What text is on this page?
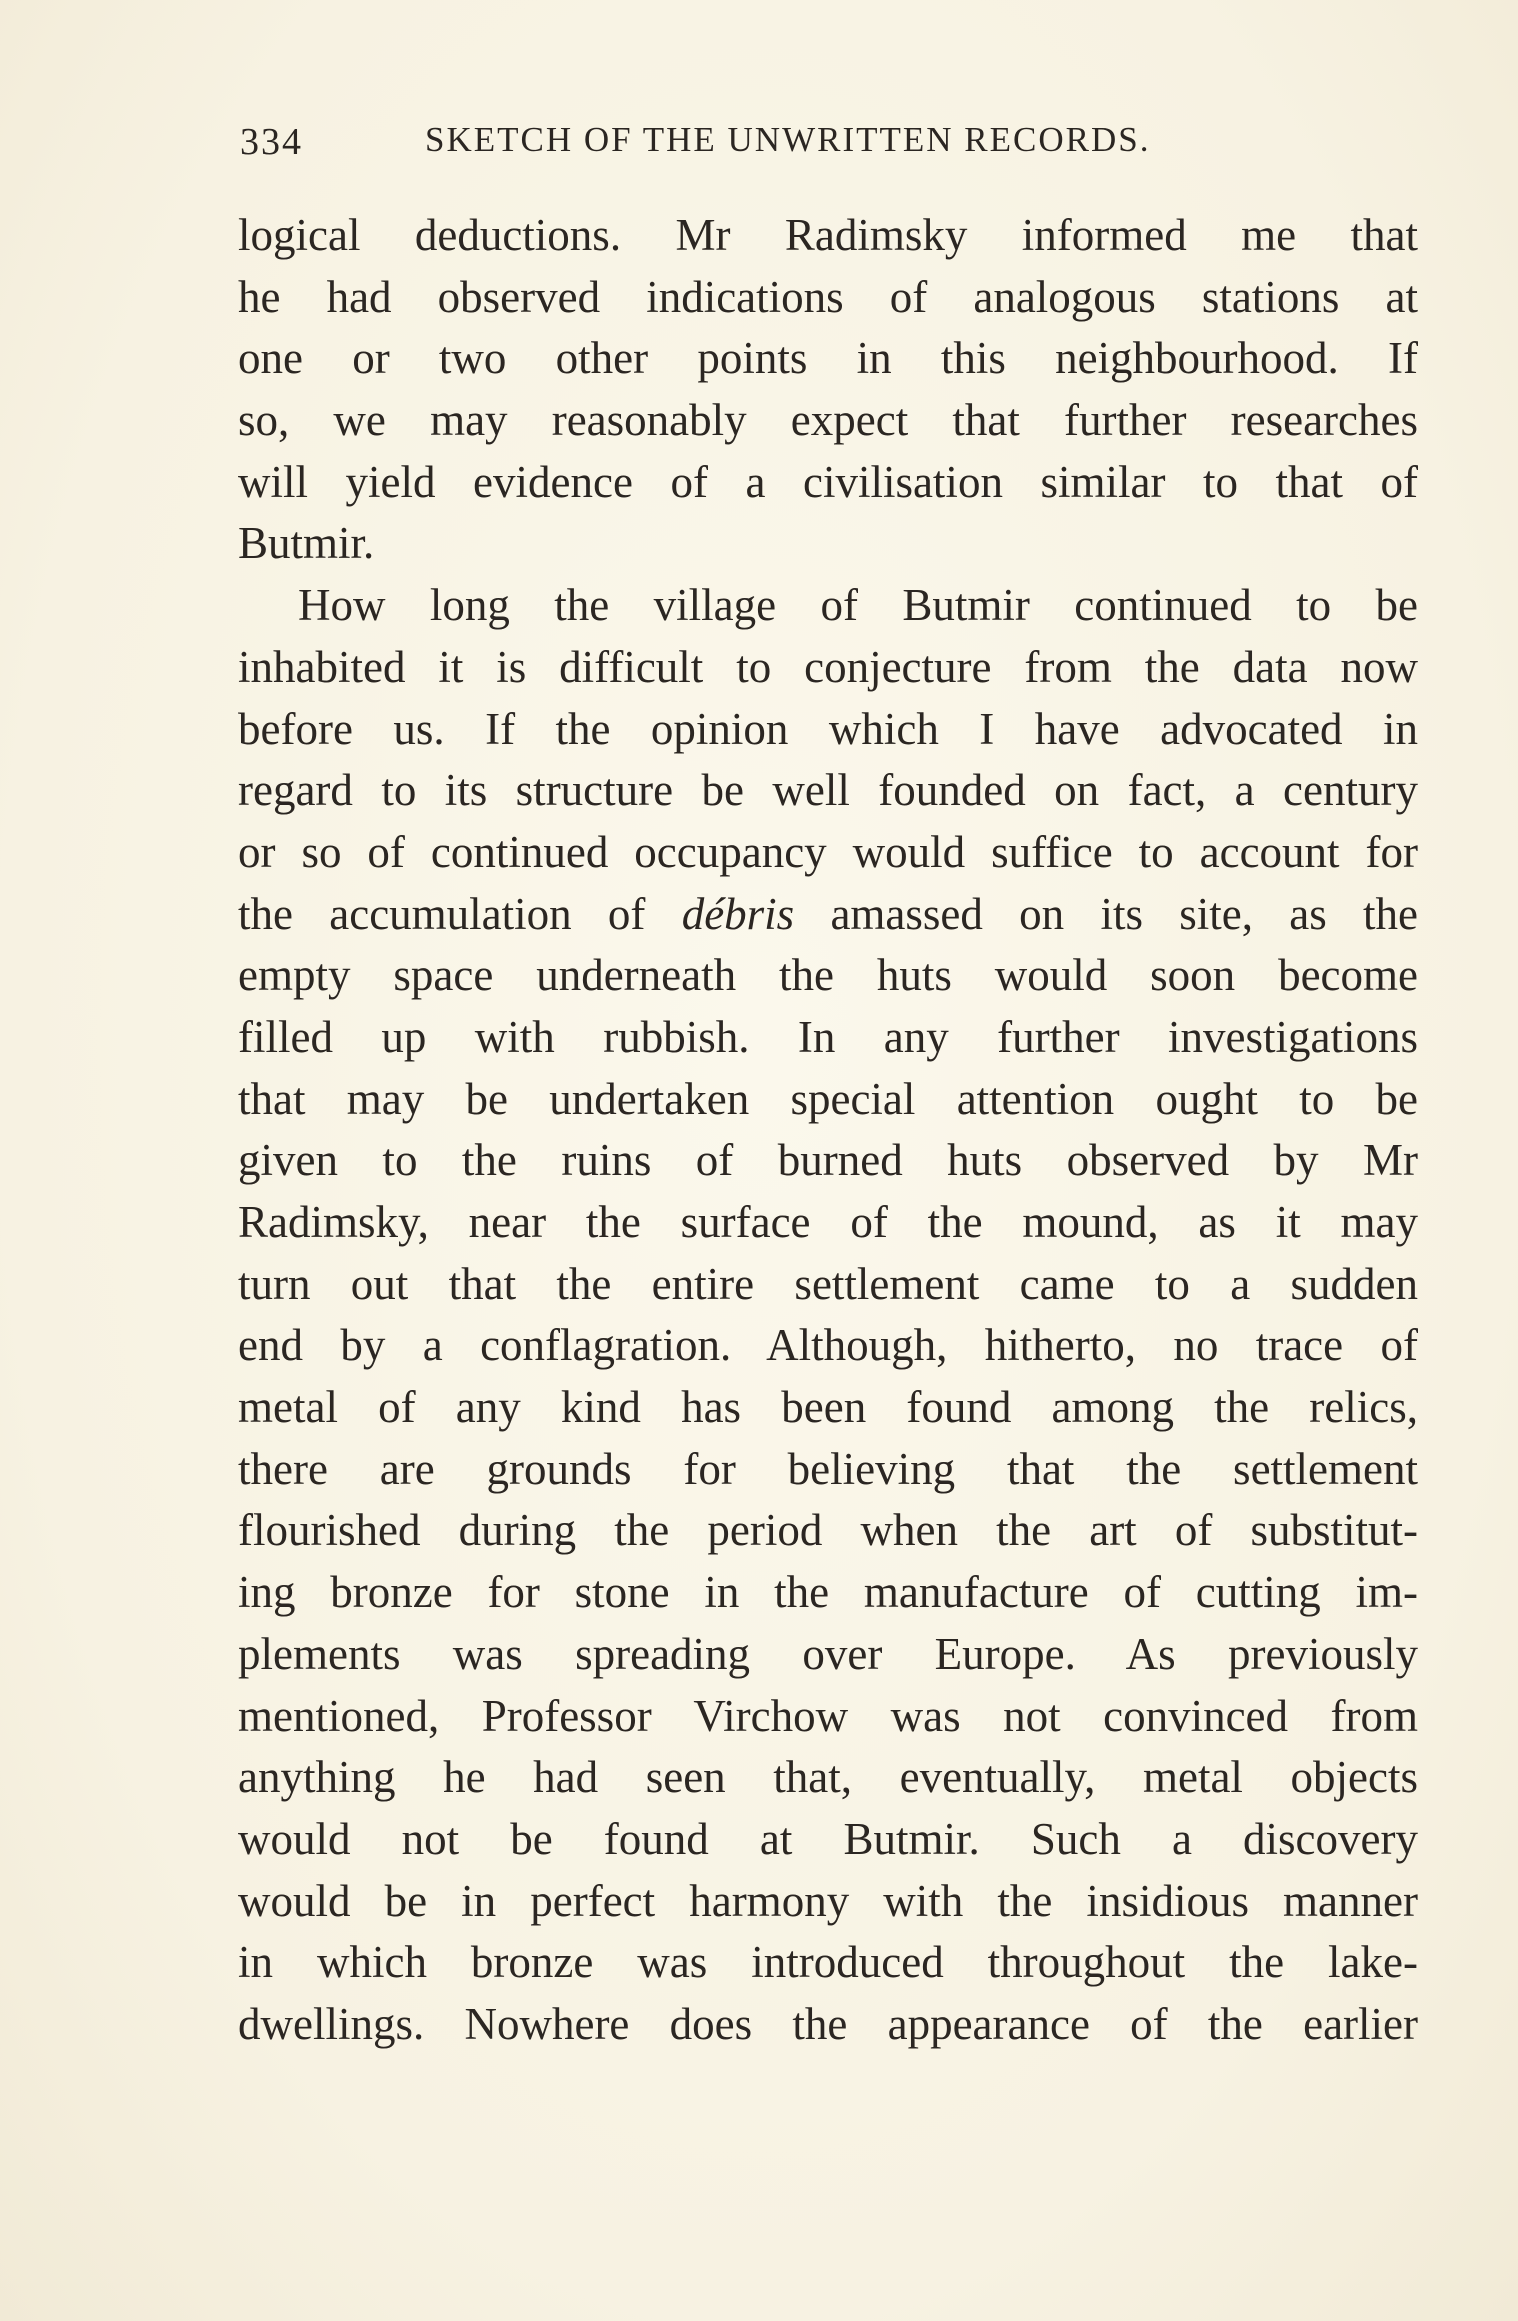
334	SKETCH OF THE UNWRITTEN RECORDS.
logical deductions. Mr Radimsky informed me that
he had observed indications of analogous stations at
one or two other points in this neighbourhood. If
so, we may reasonably expect that further researches
will yield evidence of a civilisation similar to that of
Butmir.
How long the village of Butmir continued to be
inhabited it is difficult to conjecture from the data now
before us. If the opinion which I have advocated in
regard to its structure be well founded on fact, a century
or so of continued occupancy would suffice to account for
the accumulation of débris amassed on its site, as the
empty space underneath the huts would soon become
filled up with rubbish. In any further investigations
that may be undertaken special attention ought to be
given to the ruins of burned huts observed by Mr
Radimsky, near the surface of the mound, as it may
turn out that the entire settlement came to a sudden
end by a conflagration. Although, hitherto, no trace of
metal of any kind has been found among the relics,
there are grounds for believing that the settlement
flourished during the period when the art of substitut-
ing bronze for stone in the manufacture of cutting im-
plements was spreading over Europe. As previously
mentioned, Professor Virchow was not convinced from
anything he had seen that, eventually, metal objects
would not be found at Butmir. Such a discovery
would be in perfect harmony with the insidious manner
in which bronze was introduced throughout the lake-
dwellings. Nowhere does the appearance of the earlier
